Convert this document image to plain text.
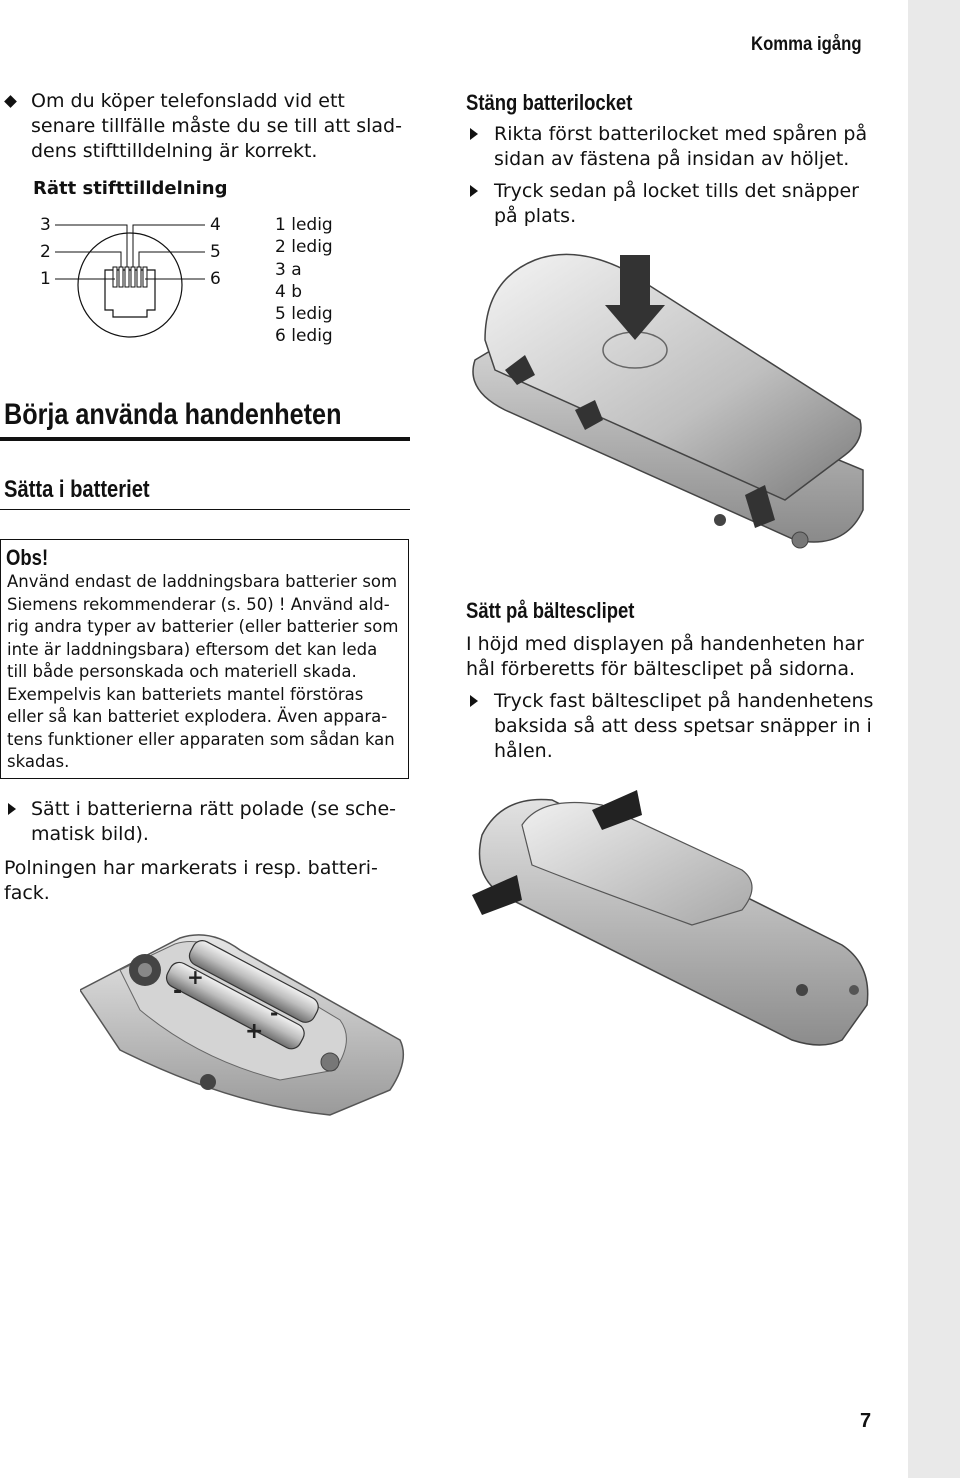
Komma igång
Om du köper telefonsladd vid ett
senare tillfälle måste du se till att slad-
dens stifttilldelning är korrekt.
Rätt stifttilldelning
3
2
1
4
5
6
1 ledig
2 ledig
3 a
4 b
5 ledig
6 ledig
Börja använda handenheten
Sätta i batteriet
Obs!
Använd endast de laddningsbara batterier som
Siemens rekommenderar (s. 50) ! Använd ald-
rig andra typer av batterier (eller batterier som
inte är laddningsbara) eftersom det kan leda
till både personskada och materiell skada.
Exempelvis kan batteriets mantel förstöras
eller så kan batteriet explodera. Även appara-
tens funktioner eller apparaten som sådan kan
skadas.
Sätt i batterierna rätt polade (se sche-
matisk bild).
Polningen har markerats i resp. batteri-
fack.
+
-
-
+
Stäng batterilocket
Rikta först batterilocket med spåren på
sidan av fästena på insidan av höljet.
Tryck sedan på locket tills det snäpper
på plats.
Sätt på bältesclipet
I höjd med displayen på handenheten har
hål förberetts för bältesclipet på sidorna.
Tryck fast bältesclipet på handenhetens
baksida så att dess spetsar snäpper in i
hålen.
7
